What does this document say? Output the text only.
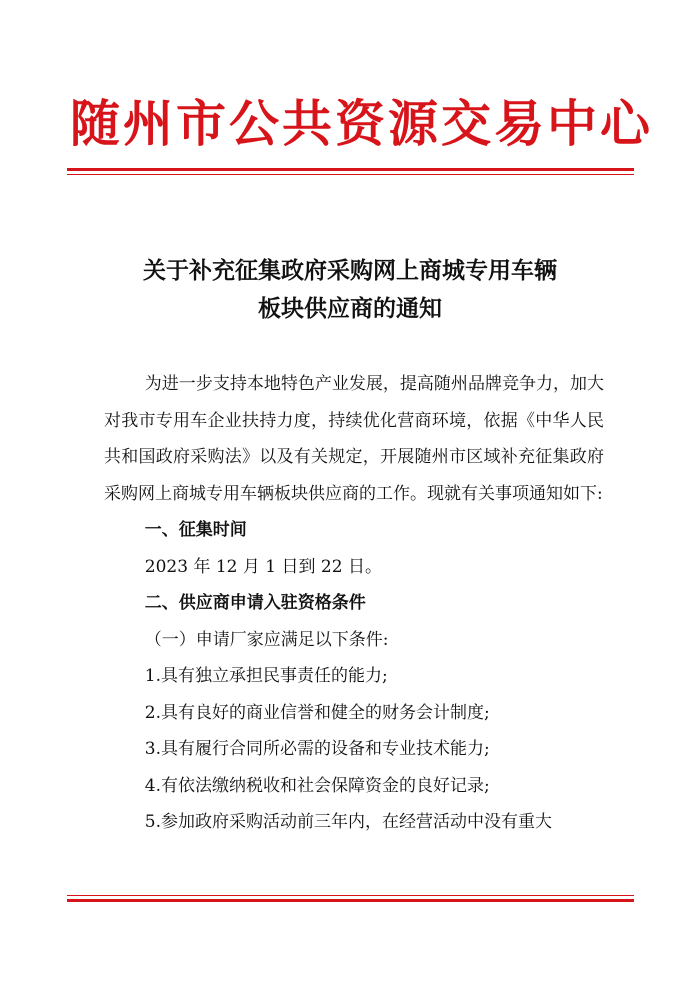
随州市公共资源交易中心
关于补充征集政府采购网上商城专用车辆
板块供应商的通知

为进一步支持本地特色产业发展，提高随州品牌竞争力，加大对我市专用车企业扶持力度，持续优化营商环境，依据《中华人民共和国政府采购法》以及有关规定，开展随州市区域补充征集政府采购网上商城专用车辆板块供应商的工作。现就有关事项通知如下:

一、征集时间

2023 年 12 月 1 日到 22 日。

二、供应商申请入驻资格条件

（一）申请厂家应满足以下条件:

1.具有独立承担民事责任的能力;

2.具有良好的商业信誉和健全的财务会计制度;

3.具有履行合同所必需的设备和专业技术能力;

4.有依法缴纳税收和社会保障资金的良好记录;

5.参加政府采购活动前三年内，在经营活动中没有重大
